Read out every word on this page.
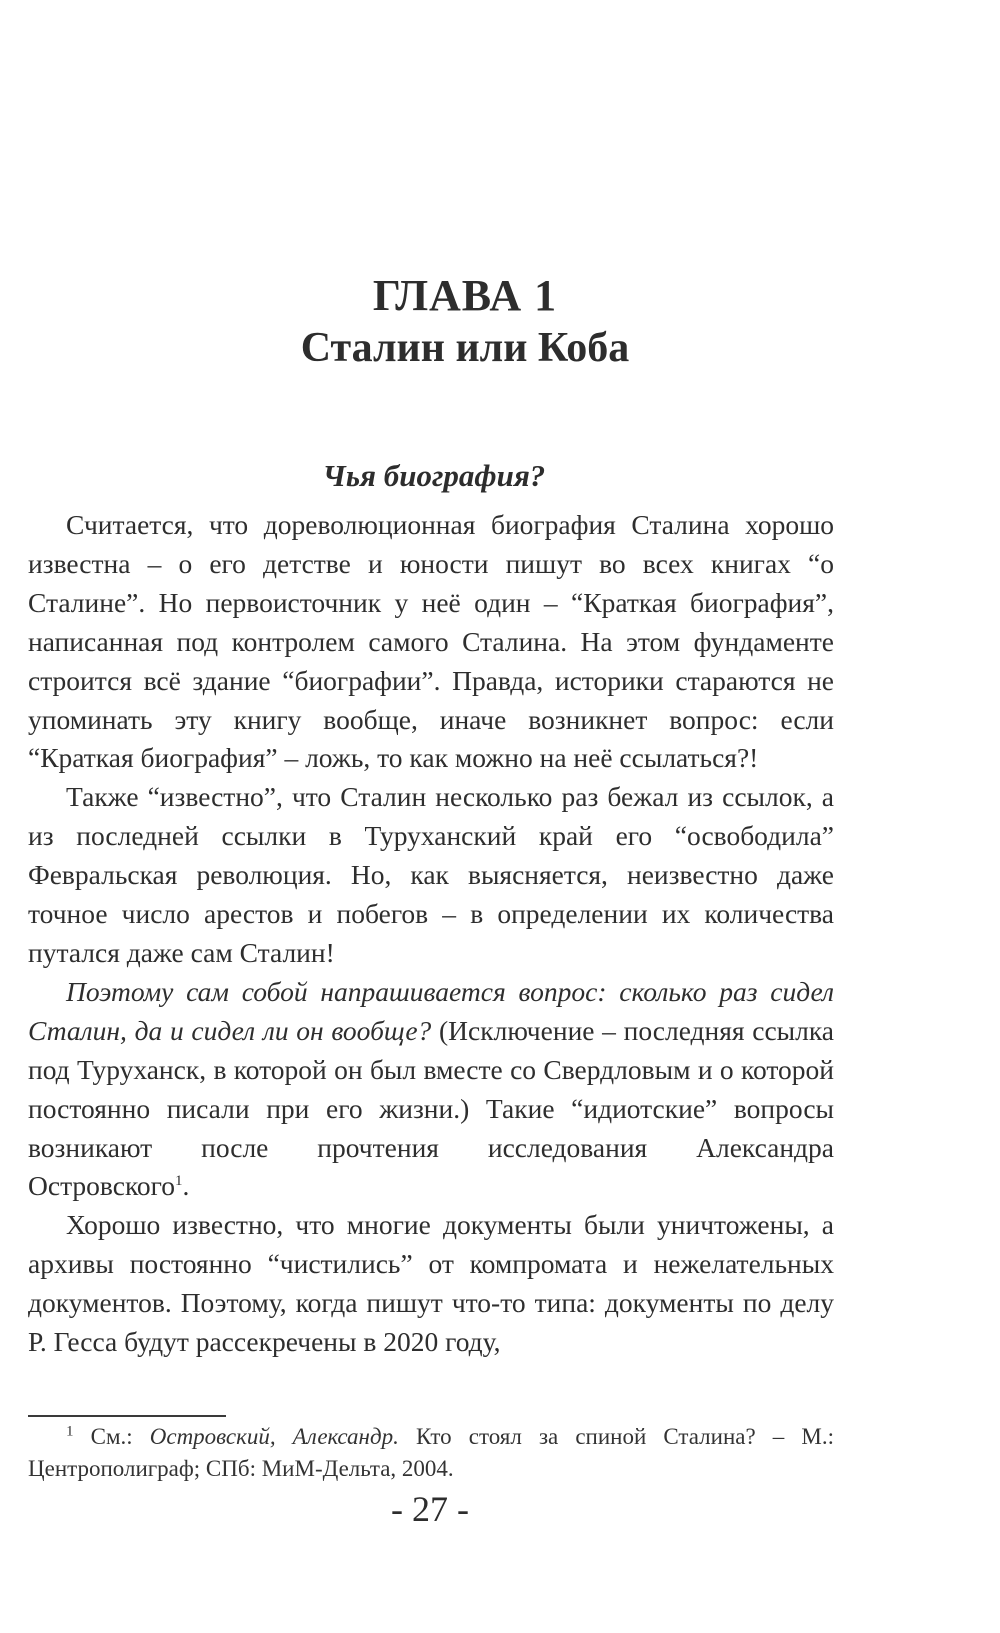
ГЛАВА 1
Сталин или Коба
Чья биография?

Считается, что дореволюционная биография Сталина хорошо известна – о его детстве и юности пишут во всех книгах “о Сталине”. Но первоисточник у неё один – “Краткая биография”, написанная под контролем самого Сталина. На этом фундаменте строится всё здание “биографии”. Правда, историки стараются не упоминать эту книгу вообще, иначе возникнет вопрос: если “Краткая биография” – ложь, то как можно на неё ссылаться?!

Также “известно”, что Сталин несколько раз бежал из ссылок, а из последней ссылки в Туруханский край его “освободила” Февральская революция. Но, как выясняется, неизвестно даже точное число арестов и побегов – в определении их количества путался даже сам Сталин!

Поэтому сам собой напрашивается вопрос: сколько раз сидел Сталин, да и сидел ли он вообще? (Исключение – последняя ссылка под Туруханск, в которой он был вместе со Свердловым и о которой постоянно писали при его жизни.) Такие “идиотские” вопросы возникают после прочтения исследования Александра Островского$^1$.

Хорошо известно, что многие документы были уничтожены, а архивы постоянно “чистились” от компромата и нежелательных документов. Поэтому, когда пишут что-то типа: документы по делу Р. Гесса будут рассекречены в 2020 году,

$^1$ См.: Островский, Александр. Кто стоял за спиной Сталина? – М.: Центрополиграф; СПб: МиМ-Дельта, 2004.

- 27 -
